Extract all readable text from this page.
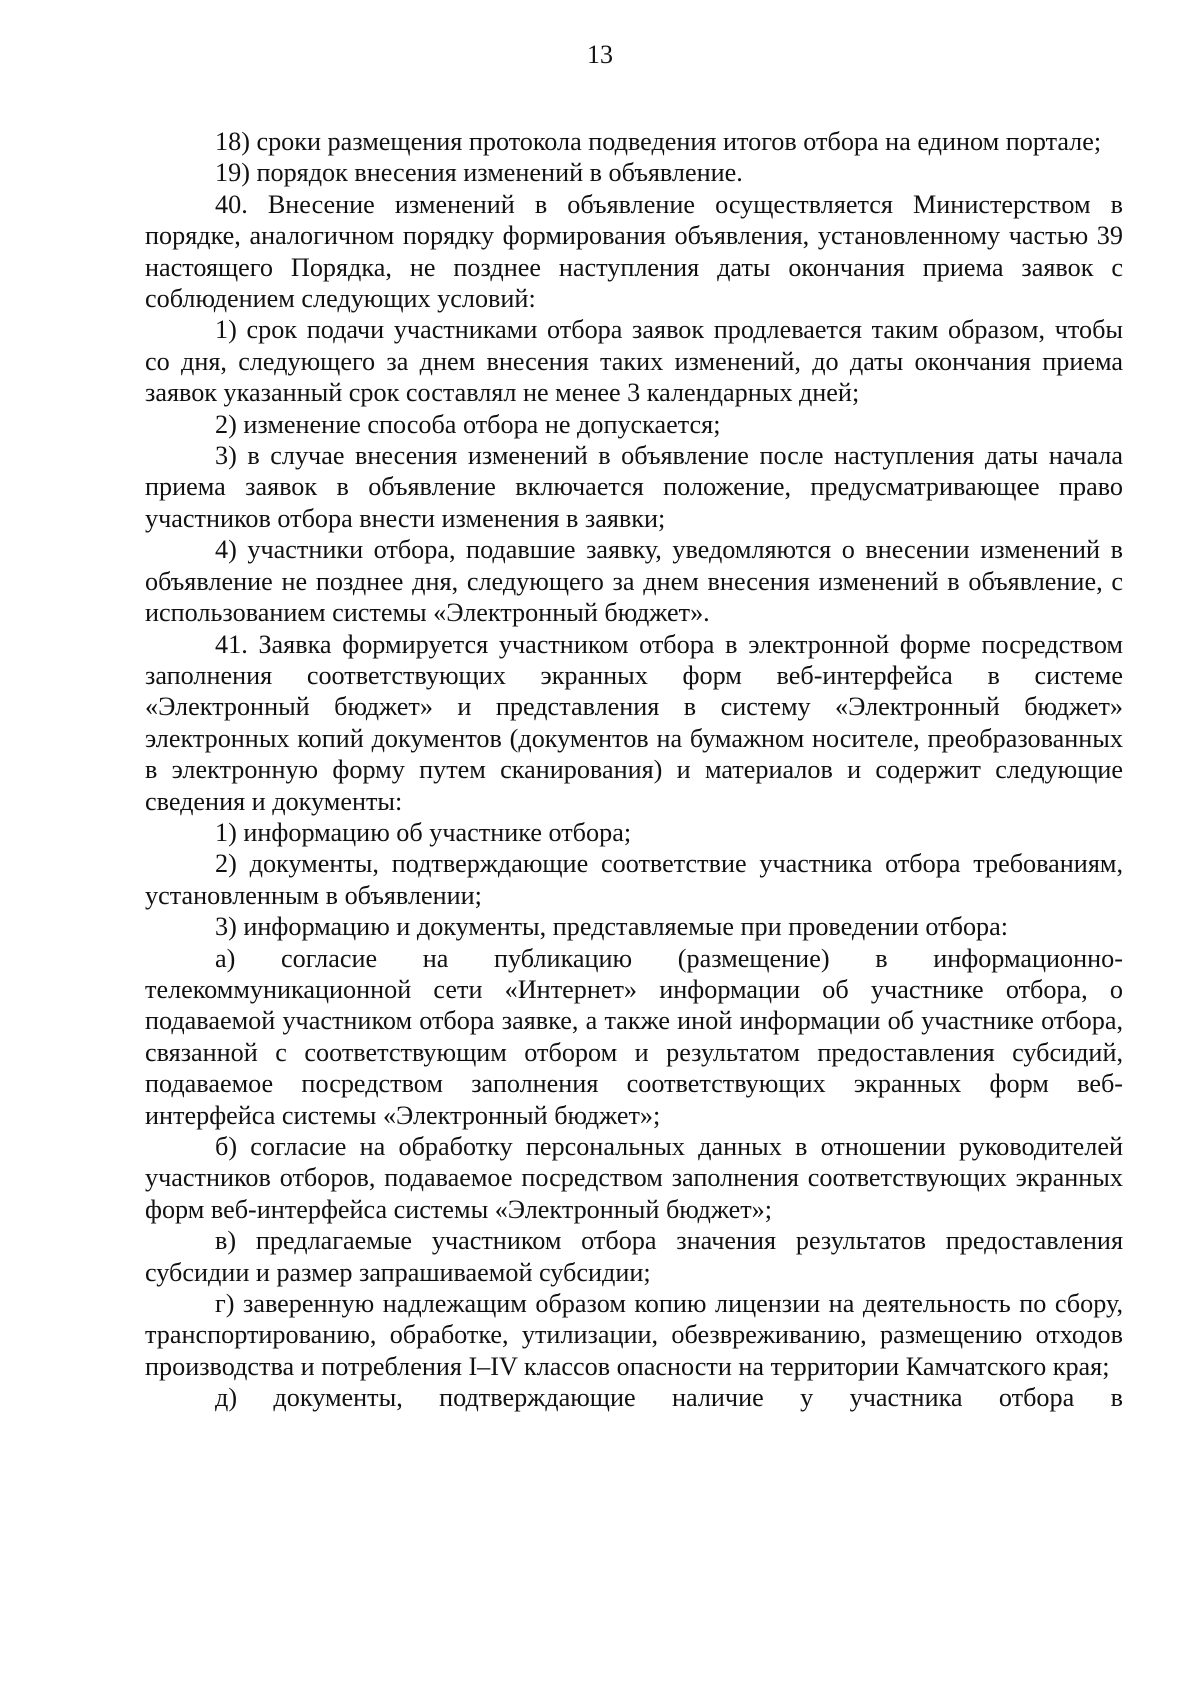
13

18) сроки размещения протокола подведения итогов отбора на едином портале;

19) порядок внесения изменений в объявление.

40. Внесение изменений в объявление осуществляется Министерством в порядке, аналогичном порядку формирования объявления, установленному частью 39 настоящего Порядка, не позднее наступления даты окончания приема заявок с соблюдением следующих условий:

1) срок подачи участниками отбора заявок продлевается таким образом, чтобы со дня, следующего за днем внесения таких изменений, до даты окончания приема заявок указанный срок составлял не менее 3 календарных дней;

2) изменение способа отбора не допускается;

3) в случае внесения изменений в объявление после наступления даты начала приема заявок в объявление включается положение, предусматривающее право участников отбора внести изменения в заявки;

4) участники отбора, подавшие заявку, уведомляются о внесении изменений в объявление не позднее дня, следующего за днем внесения изменений в объявление, с использованием системы «Электронный бюджет».

41. Заявка формируется участником отбора в электронной форме посредством заполнения соответствующих экранных форм веб-интерфейса в системе «Электронный бюджет» и представления в систему «Электронный бюджет» электронных копий документов (документов на бумажном носителе, преобразованных в электронную форму путем сканирования) и материалов и содержит следующие сведения и документы:

1) информацию об участнике отбора;

2) документы, подтверждающие соответствие участника отбора требованиям, установленным в объявлении;

3) информацию и документы, представляемые при проведении отбора:

а) согласие на публикацию (размещение) в информационно-телекоммуникационной сети «Интернет» информации об участнике отбора, о подаваемой участником отбора заявке, а также иной информации об участнике отбора, связанной с соответствующим отбором и результатом предоставления субсидий, подаваемое посредством заполнения соответствующих экранных форм веб-интерфейса системы «Электронный бюджет»;

б) согласие на обработку персональных данных в отношении руководителей участников отборов, подаваемое посредством заполнения соответствующих экранных форм веб-интерфейса системы «Электронный бюджет»;

в) предлагаемые участником отбора значения результатов предоставления субсидии и размер запрашиваемой субсидии;

г) заверенную надлежащим образом копию лицензии на деятельность по сбору, транспортированию, обработке, утилизации, обезвреживанию, размещению отходов производства и потребления I–IV классов опасности на территории Камчатского края;

д) документы, подтверждающие наличие у участника отбора в
